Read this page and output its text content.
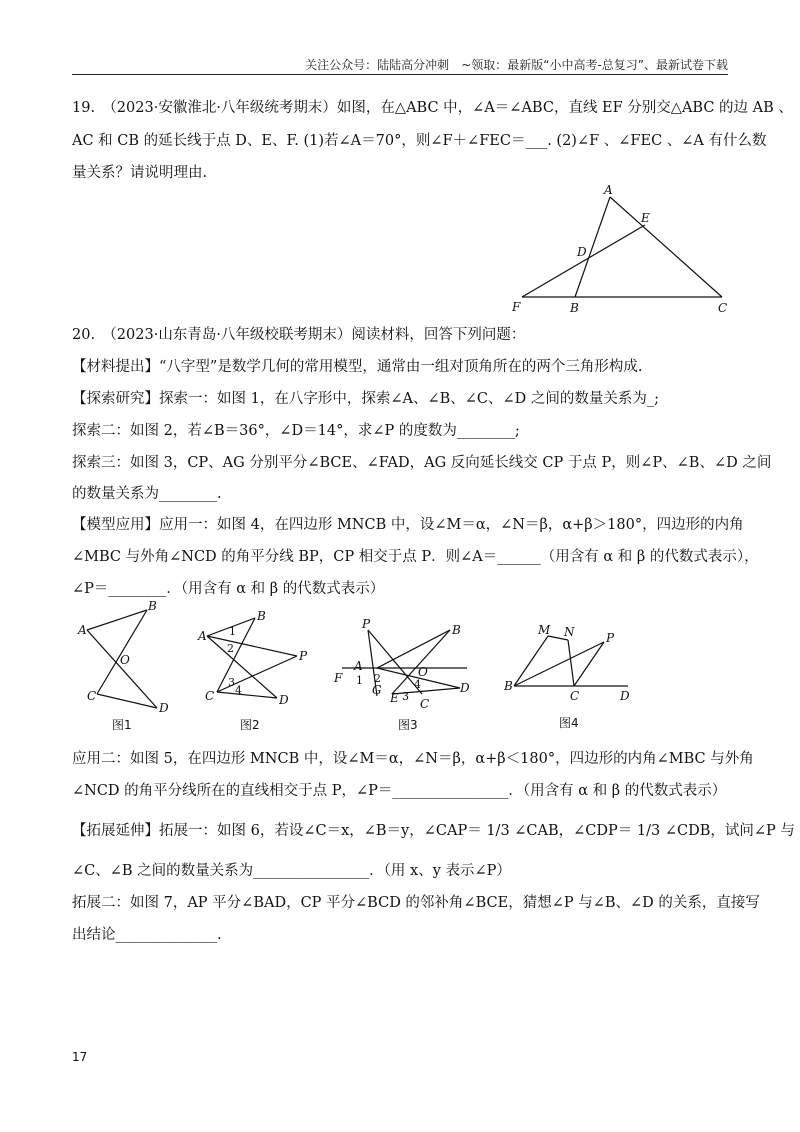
关注公众号：陆陆高分冲刺　~领取：最新版“小中高考-总复习”、最新试卷下载
19.　（2023·安徽淮北·八年级统考期末）如图，在△ABC 中，∠A＝∠ABC，直线 EF 分别交△ABC 的边 AB 、
AC 和 CB 的延长线于点 D、E、F. (1)若∠A＝70°，则∠F＋∠FEC＝___. (2)∠F 、∠FEC 、∠A 有什么数
量关系？请说明理由.
A
E
D
F	B	C
20.　（2023·山东青岛·八年级校联考期末）阅读材料，回答下列问题：
【材料提出】“八字型”是数学几何的常用模型，通常由一组对顶角所在的两个三角形构成.
【探索研究】探索一：如图 1，在八字形中，探索∠A、∠B、∠C、∠D 之间的数量关系为_;
探索二：如图 2，若∠B＝36°，∠D＝14°，求∠P 的度数为________;
探索三：如图 3，CP、AG 分别平分∠BCE、∠FAD，AG 反向延长线交 CP 于点 P，则∠P、∠B、∠D 之间
的数量关系为________.
【模型应用】应用一：如图 4，在四边形 MNCB 中，设∠M＝α，∠N＝β，α+β＞180°，四边形的内角
∠MBC 与外角∠NCD 的角平分线 BP，CP 相交于点 P．则∠A＝______（用含有 α 和 β 的代数式表示），
∠P＝________．（用含有 α 和 β 的代数式表示）
A
B
O
C
D
图1
A
B
P
C	D
1
2
3
4
图2
P	B
A
F
G
E C
D
O
1 2
3
4
图3
M N	P
B
C	D
图4
应用二：如图 5，在四边形 MNCB 中，设∠M＝α，∠N＝β，α+β＜180°，四边形的内角∠MBC 与外角
∠NCD 的角平分线所在的直线相交于点 P，∠P＝________________．（用含有 α 和 β 的代数式表示）
【拓展延伸】拓展一：如图 6，若设∠C＝x，∠B＝y，∠CAP＝ 1/3 ∠CAB，∠CDP＝ 1/3 ∠CDB，试问∠P 与
∠C、∠B 之间的数量关系为________________．（用 x、y 表示∠P）
拓展二：如图 7，AP 平分∠BAD，CP 平分∠BCD 的邻补角∠BCE，猜想∠P 与∠B、∠D 的关系，直接写
出结论______________.
17
